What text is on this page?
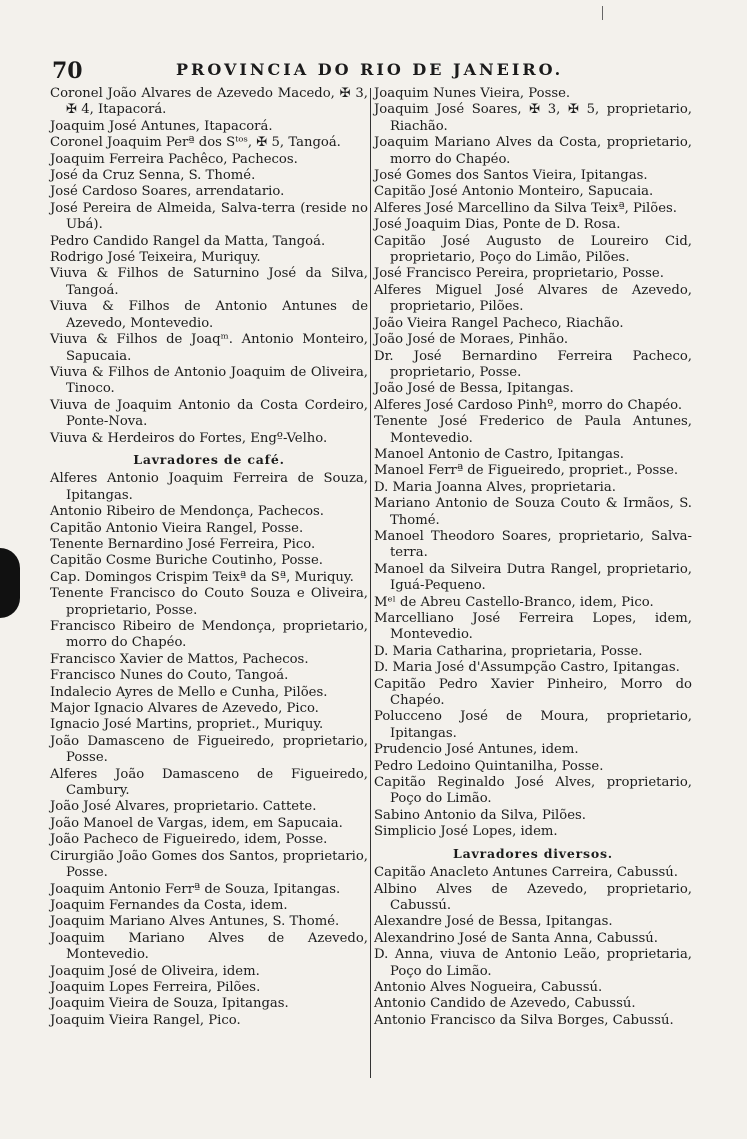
70	PROVINCIA DO RIO DE JANEIRO.
Coronel João Alvares de Azevedo Macedo, ✠ 3, ✠ 4, Itapacorá.
Joaquim José Antunes, Itapacorá.
Coronel Joaquim Perª dos Sᵗᵒˢ, ✠ 5, Tangoá.
Joaquim Ferreira Pachêco, Pachecos.
José da Cruz Senna, S. Thomé.
José Cardoso Soares, arrendatario.
José Pereira de Almeida, Salva-terra (reside no Ubá).
Pedro Candido Rangel da Matta, Tangoá.
Rodrigo José Teixeira, Muriquy.
Viuva & Filhos de Saturnino José da Silva, Tangoá.
Viuva & Filhos de Antonio Antunes de Azevedo, Montevedio.
Viuva & Filhos de Joaqᵐ. Antonio Monteiro, Sapucaia.
Viuva & Filhos de Antonio Joaquim de Oliveira, Tinoco.
Viuva de Joaquim Antonio da Costa Cordeiro, Ponte-Nova.
Viuva & Herdeiros do Fortes, Engº-Velho.
Lavradores de café.
Alferes Antonio Joaquim Ferreira de Souza, Ipitangas.
Antonio Ribeiro de Mendonça, Pachecos.
Capitão Antonio Vieira Rangel, Posse.
Tenente Bernardino José Ferreira, Pico.
Capitão Cosme Buriche Coutinho, Posse.
Cap. Domingos Crispim Teixª da Sª, Muriquy.
Tenente Francisco do Couto Souza e Oliveira, proprietario, Posse.
Francisco Ribeiro de Mendonça, proprietario, morro do Chapéo.
Francisco Xavier de Mattos, Pachecos.
Francisco Nunes do Couto, Tangoá.
Indalecio Ayres de Mello e Cunha, Pilões.
Major Ignacio Alvares de Azevedo, Pico.
Ignacio José Martins, propriet., Muriquy.
João Damasceno de Figueiredo, proprietario, Posse.
Alferes João Damasceno de Figueiredo, Cambury.
João José Alvares, proprietario. Cattete.
João Manoel de Vargas, idem, em Sapucaia.
João Pacheco de Figueiredo, idem, Posse.
Cirurgião João Gomes dos Santos, proprietario, Posse.
Joaquim Antonio Ferrª de Souza, Ipitangas.
Joaquim Fernandes da Costa, idem.
Joaquim Mariano Alves Antunes, S. Thomé.
Joaquim Mariano Alves de Azevedo, Montevedio.
Joaquim José de Oliveira, idem.
Joaquim Lopes Ferreira, Pilões.
Joaquim Vieira de Souza, Ipitangas.
Joaquim Vieira Rangel, Pico.
Joaquim Nunes Vieira, Posse.
Joaquim José Soares, ✠ 3, ✠ 5, proprietario, Riachão.
Joaquim Mariano Alves da Costa, proprietario, morro do Chapéo.
José Gomes dos Santos Vieira, Ipitangas.
Capitão José Antonio Monteiro, Sapucaia.
Alferes José Marcellino da Silva Teixª, Pilões.
José Joaquim Dias, Ponte de D. Rosa.
Capitão José Augusto de Loureiro Cid, proprietario, Poço do Limão, Pilões.
José Francisco Pereira, proprietario, Posse.
Alferes Miguel José Alvares de Azevedo, proprietario, Pilões.
João Vieira Rangel Pacheco, Riachão.
João José de Moraes, Pinhão.
Dr. José Bernardino Ferreira Pacheco, proprietario, Posse.
João José de Bessa, Ipitangas.
Alferes José Cardoso Pinhº, morro do Chapéo.
Tenente José Frederico de Paula Antunes, Montevedio.
Manoel Antonio de Castro, Ipitangas.
Manoel Ferrª de Figueiredo, propriet., Posse.
D. Maria Joanna Alves, proprietaria.
Mariano Antonio de Souza Couto & Irmãos, S. Thomé.
Manoel Theodoro Soares, proprietario, Salva-terra.
Manoel da Silveira Dutra Rangel, proprietario, Iguá-Pequeno.
Mᵉˡ de Abreu Castello-Branco, idem, Pico.
Marcelliano José Ferreira Lopes, idem, Montevedio.
D. Maria Catharina, proprietaria, Posse.
D. Maria José d'Assumpção Castro, Ipitangas.
Capitão Pedro Xavier Pinheiro, Morro do Chapéo.
Polucceno José de Moura, proprietario, Ipitangas.
Prudencio José Antunes, idem.
Pedro Ledoino Quintanilha, Posse.
Capitão Reginaldo José Alves, proprietario, Poço do Limão.
Sabino Antonio da Silva, Pilões.
Simplicio José Lopes, idem.
Lavradores diversos.
Capitão Anacleto Antunes Carreira, Cabussú.
Albino Alves de Azevedo, proprietario, Cabussú.
Alexandre José de Bessa, Ipitangas.
Alexandrino José de Santa Anna, Cabussú.
D. Anna, viuva de Antonio Leão, proprietaria, Poço do Limão.
Antonio Alves Nogueira, Cabussú.
Antonio Candido de Azevedo, Cabussú.
Antonio Francisco da Silva Borges, Cabussú.
